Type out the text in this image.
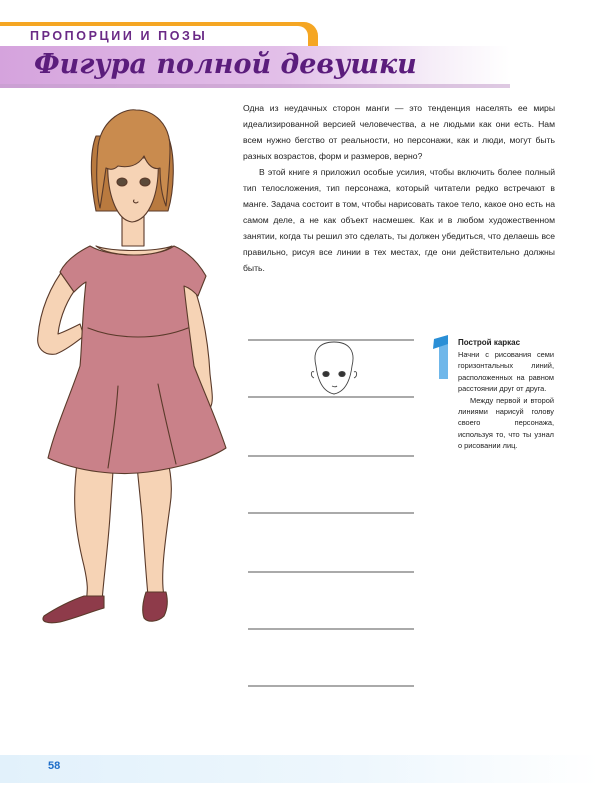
ПРОПОРЦИИ И ПОЗЫ
Фигура полной девушки

Одна из неудачных сторон манги — это тенденция населять ее миры идеализированной версией человечества, а не людьми как они есть. Нам всем нужно бегство от реальности, но персонажи, как и люди, могут быть разных возрастов, форм и размеров, верно?

В этой книге я приложил особые усилия, чтобы включить более полный тип телосложения, тип персонажа, который читатели редко встречают в манге. Задача состоит в том, чтобы нарисовать такое тело, какое оно есть на самом деле, а не как объект насмешек. Как и в любом художественном занятии, когда ты решил это сделать, ты должен убедиться, что делаешь все правильно, рисуя все линии в тех местах, где они действительно должны быть.

Построй каркас

Начни с рисования семи горизонтальных линий, расположенных на равном расстоянии друг от друга.

Между первой и второй линиями нарисуй голову своего персонажа, используя то, что ты узнал о рисовании лиц.

58
